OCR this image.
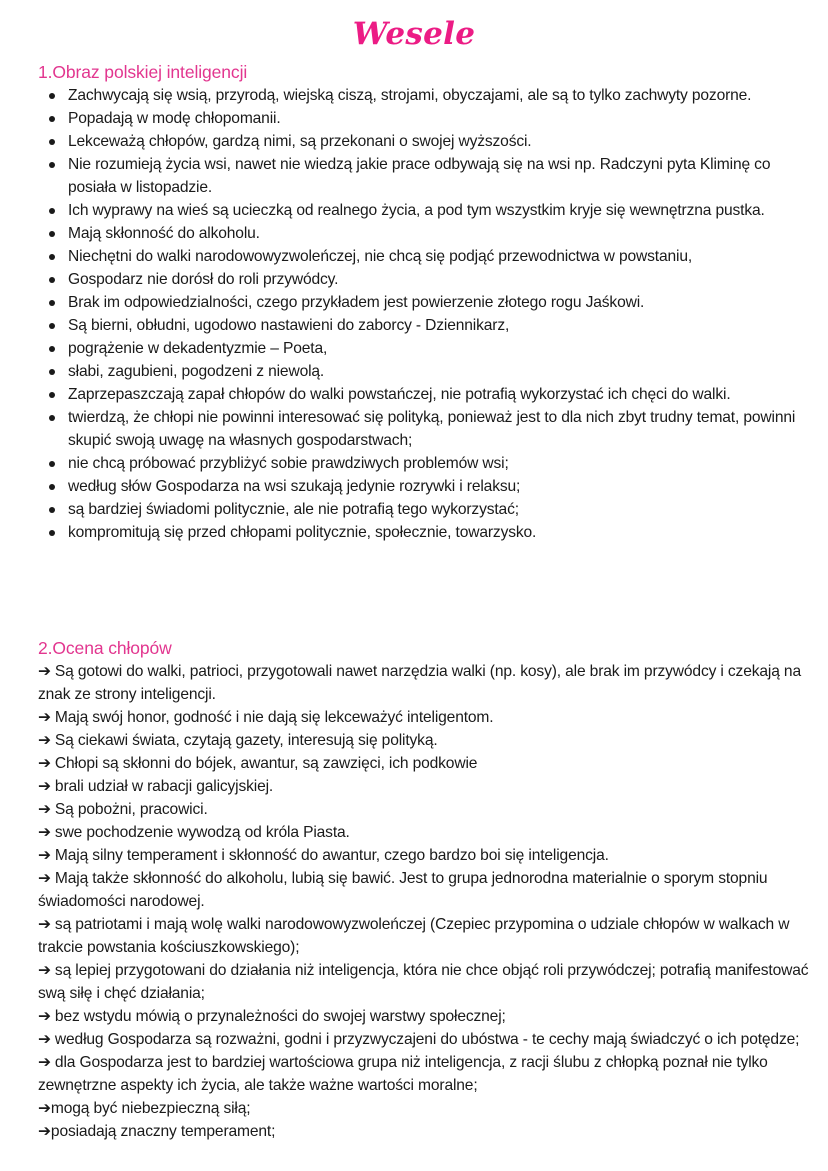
Wesele
1.Obraz polskiej inteligencji
Zachwycają się wsią, przyrodą, wiejską ciszą, strojami, obyczajami, ale są to tylko zachwyty pozorne.
Popadają w modę chłopomanii.
Lekceważą chłopów, gardzą nimi, są przekonani o swojej wyższości.
Nie rozumieją życia wsi, nawet nie wiedzą jakie prace odbywają się na wsi np. Radczyni pyta Kliminę co posiała w listopadzie.
Ich wyprawy na wieś są ucieczką od realnego życia, a pod tym wszystkim kryje się wewnętrzna pustka.
Mają skłonność do alkoholu.
Niechętni do walki narodowowyzwoleńczej, nie chcą się podjąć przewodnictwa w powstaniu,
Gospodarz nie dorósł do roli przywódcy.
Brak im odpowiedzialności, czego przykładem jest powierzenie złotego rogu Jaśkowi.
Są bierni, obłudni, ugodowo nastawieni do zaborcy - Dziennikarz,
pogrążenie w dekadentyzmie – Poeta,
słabi, zagubieni, pogodzeni z niewolą.
Zaprzepaszczają zapał chłopów do walki powstańczej, nie potrafią wykorzystać ich chęci do walki.
twierdzą, że chłopi nie powinni interesować się polityką, ponieważ jest to dla nich zbyt trudny temat, powinni skupić swoją uwagę na własnych gospodarstwach;
nie chcą próbować przybliżyć sobie prawdziwych problemów wsi;
według słów Gospodarza na wsi szukają jedynie rozrywki i relaksu;
są bardziej świadomi politycznie, ale nie potrafią tego wykorzystać;
kompromitują się przed chłopami politycznie, społecznie, towarzysko.
2.Ocena chłopów
➔ Są gotowi do walki, patrioci, przygotowali nawet narzędzia walki (np. kosy), ale brak im przywódcy i czekają na znak ze strony inteligencji.
➔ Mają swój honor, godność i nie dają się lekceważyć inteligentom.
➔ Są ciekawi świata, czytają gazety, interesują się polityką.
➔ Chłopi są skłonni do bójek, awantur, są zawzięci, ich podkowie
➔ brali udział w rabacji galicyjskiej.
➔ Są pobożni, pracowici.
➔ swe pochodzenie wywodzą od króla Piasta.
➔ Mają silny temperament i skłonność do awantur, czego bardzo boi się inteligencja.
➔ Mają także skłonność do alkoholu, lubią się bawić. Jest to grupa jednorodna materialnie o sporym stopniu świadomości narodowej.
➔ są patriotami i mają wolę walki narodowowyzwoleńczej (Czepiec przypomina o udziale chłopów w walkach w trakcie powstania kościuszkowskiego);
➔ są lepiej przygotowani do działania niż inteligencja, która nie chce objąć roli przywódczej; potrafią manifestować swą siłę i chęć działania;
➔ bez wstydu mówią o przynależności do swojej warstwy społecznej;
➔ według Gospodarza są rozważni, godni i przyzwyczajeni do ubóstwa - te cechy mają świadczyć o ich potędze;
➔ dla Gospodarza jest to bardziej wartościowa grupa niż inteligencja, z racji ślubu z chłopką poznał nie tylko zewnętrzne aspekty ich życia, ale także ważne wartości moralne;
➔mogą być niebezpieczną siłą;
➔posiadają znaczny temperament;
